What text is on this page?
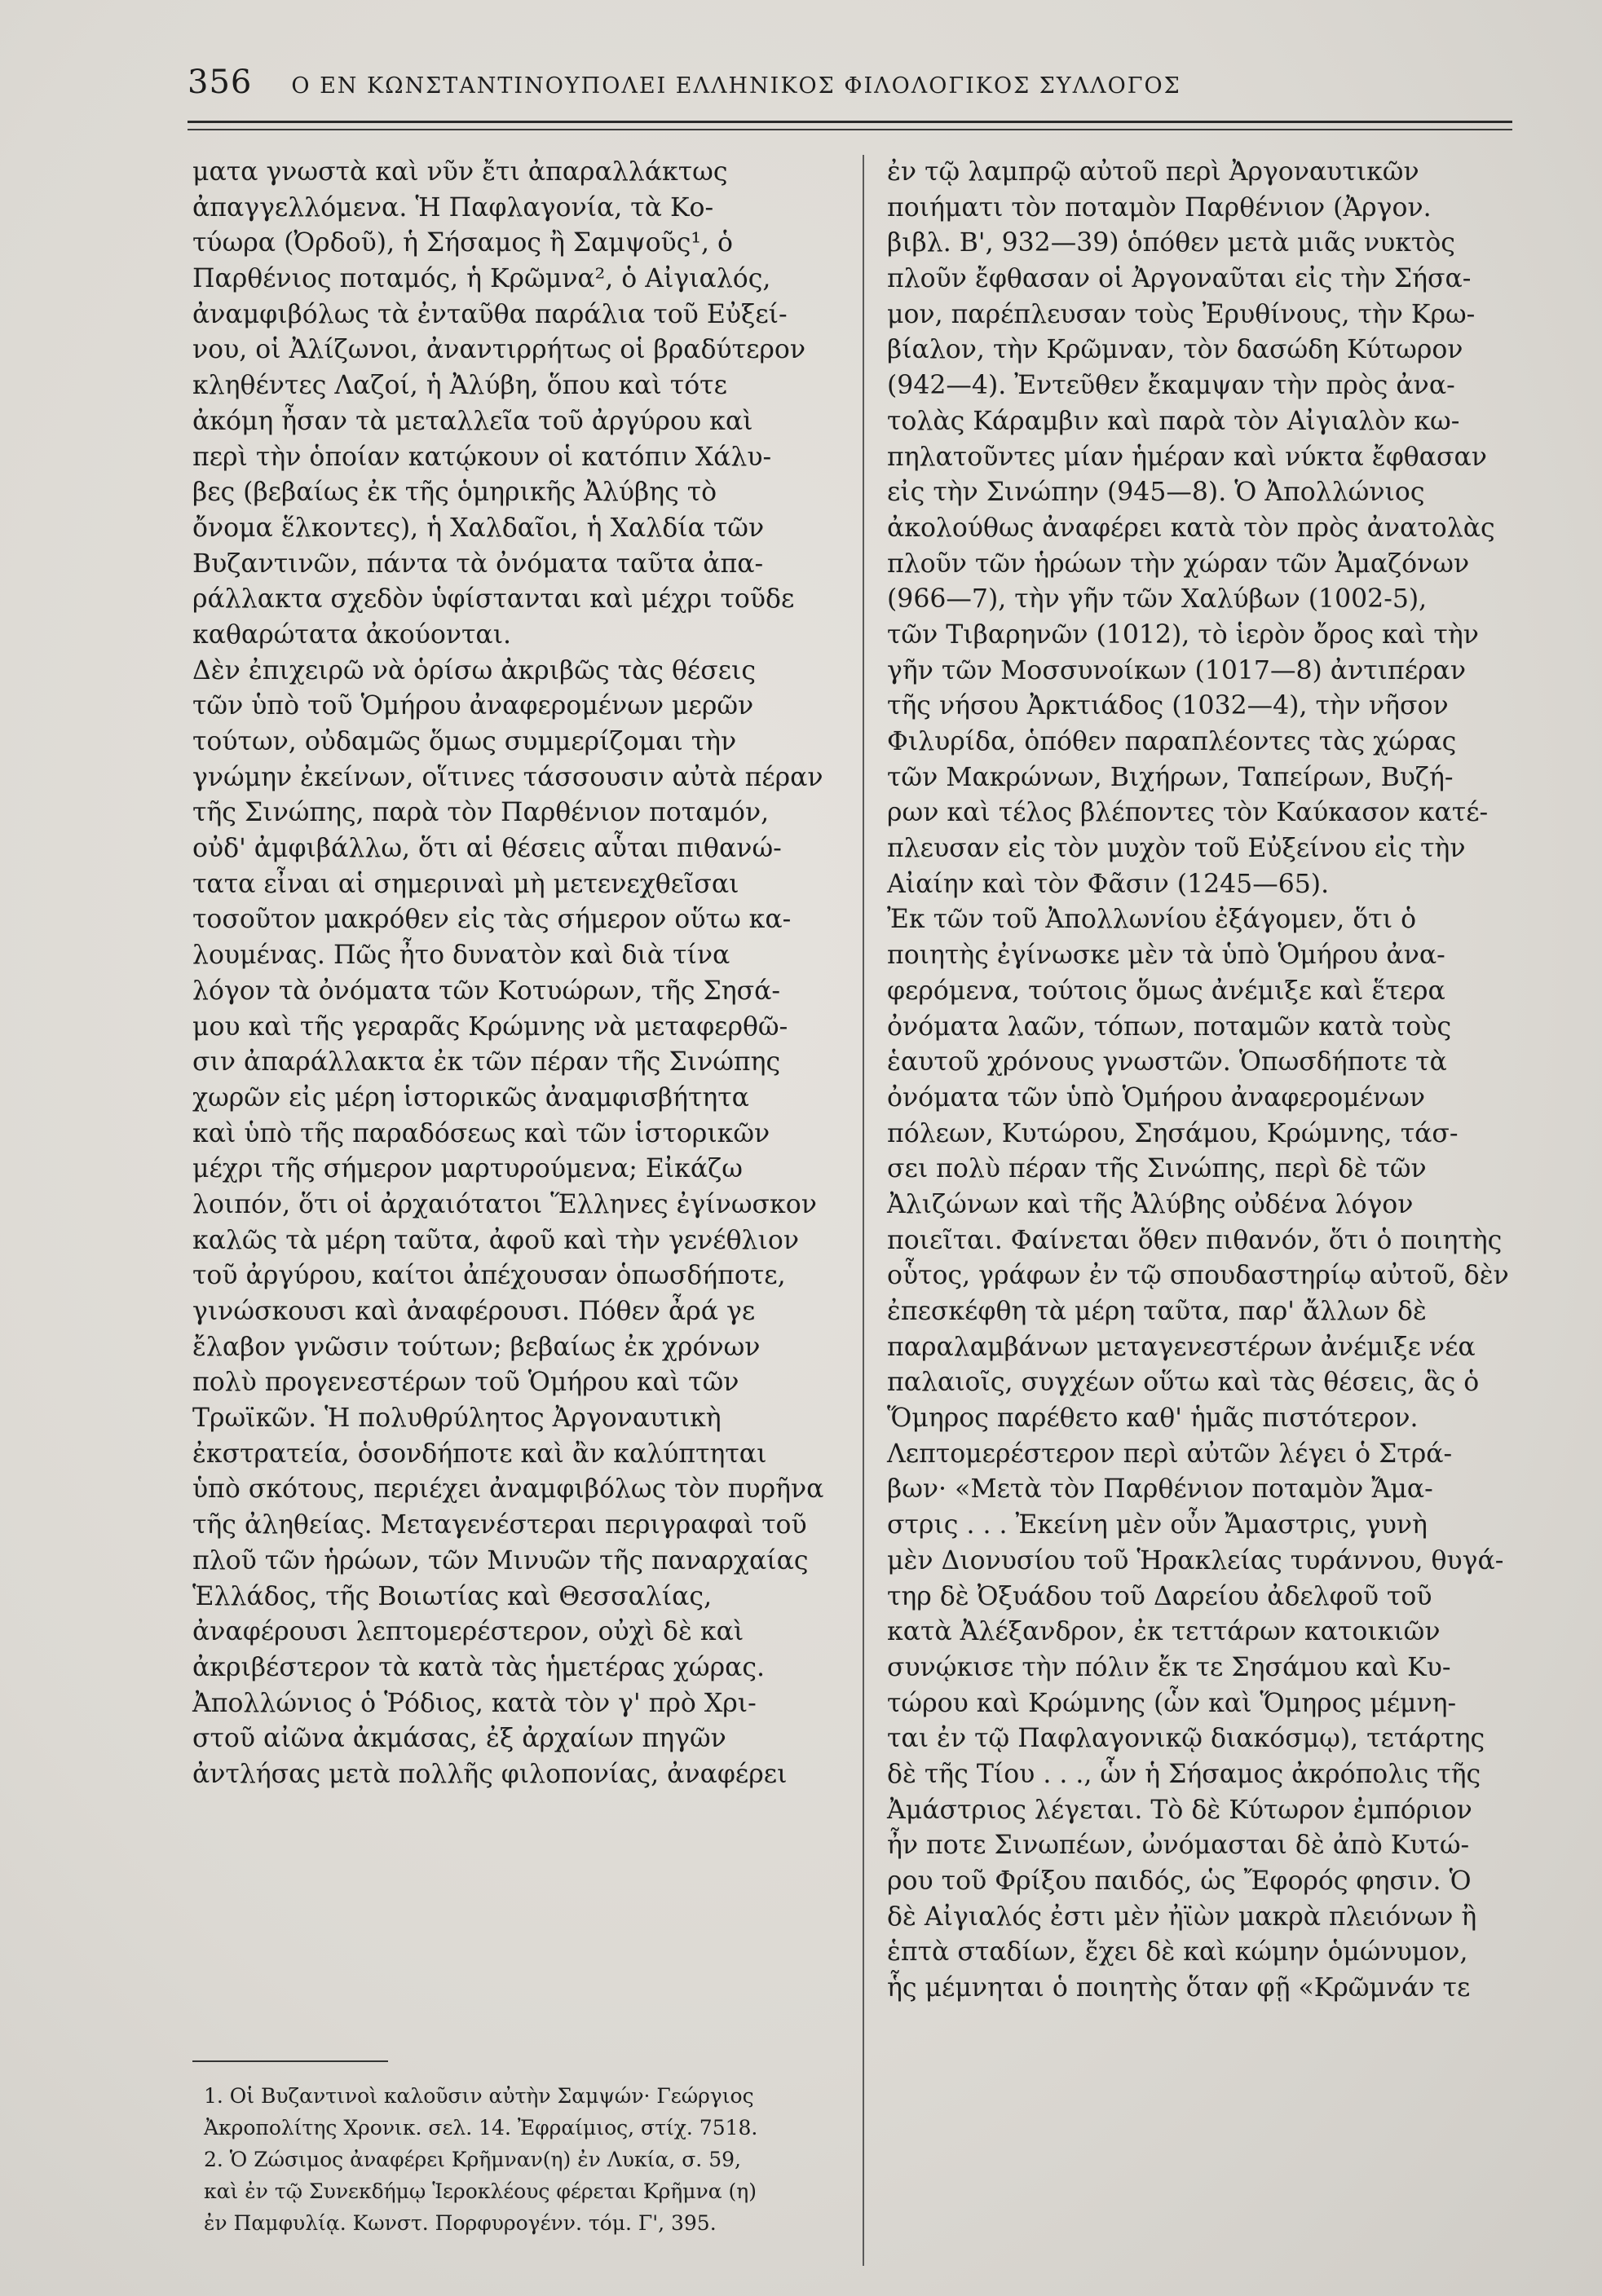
356 Ο ΕΝ ΚΩΝΣΤΑΝΤΙΝΟΥΠΟΛΕΙ ΕΛΛΗΝΙΚΟΣ ΦΙΛΟΛΟΓΙΚΟΣ ΣΥΛΛΟΓΟΣ
ματα γνωστὰ καὶ νῦν ἔτι ἀπαραλλάκτως
ἀπαγγελλόμενα. Ἡ Παφλαγονία, τὰ Κο-
τύωρα (Ὀρδοῦ), ἡ Σήσαμος ἢ Σαμψοῦς¹, ὁ
Παρθένιος ποταμός, ἡ Κρῶμνα², ὁ Αἰγιαλός,
ἀναμφιβόλως τὰ ἐνταῦθα παράλια τοῦ Εὐξεί-
νου, οἱ Ἀλίζωνοι, ἀναντιρρήτως οἱ βραδύτερον
κληθέντες Λαζοί, ἡ Ἀλύβη, ὅπου καὶ τότε
ἀκόμη ἦσαν τὰ μεταλλεῖα τοῦ ἀργύρου καὶ
περὶ τὴν ὁποίαν κατῴκουν οἱ κατόπιν Χάλυ-
βες (βεβαίως ἐκ τῆς ὁμηρικῆς Ἀλύβης τὸ
ὄνομα ἕλκοντες), ἡ Χαλδαῖοι, ἡ Χαλδία τῶν
Βυζαντινῶν, πάντα τὰ ὀνόματα ταῦτα ἀπα-
ράλλακτα σχεδὸν ὑφίστανται καὶ μέχρι τοῦδε
καθαρώτατα ἀκούονται.
Δὲν ἐπιχειρῶ νὰ ὁρίσω ἀκριβῶς τὰς θέσεις
τῶν ὑπὸ τοῦ Ὁμήρου ἀναφερομένων μερῶν
τούτων, οὐδαμῶς ὅμως συμμερίζομαι τὴν
γνώμην ἐκείνων, οἵτινες τάσσουσιν αὐτὰ πέραν
τῆς Σινώπης, παρὰ τὸν Παρθένιον ποταμόν,
οὐδ' ἀμφιβάλλω, ὅτι αἱ θέσεις αὗται πιθανώ-
τατα εἶναι αἱ σημεριναὶ μὴ μετενεχθεῖσαι
τοσοῦτον μακρόθεν εἰς τὰς σήμερον οὕτω κα-
λουμένας. Πῶς ἦτο δυνατὸν καὶ διὰ τίνα
λόγον τὰ ὀνόματα τῶν Κοτυώρων, τῆς Σησά-
μου καὶ τῆς γεραρᾶς Κρώμνης νὰ μεταφερθῶ-
σιν ἀπαράλλακτα ἐκ τῶν πέραν τῆς Σινώπης
χωρῶν εἰς μέρη ἱστορικῶς ἀναμφισβήτητα
καὶ ὑπὸ τῆς παραδόσεως καὶ τῶν ἱστορικῶν
μέχρι τῆς σήμερον μαρτυρούμενα; Εἰκάζω
λοιπόν, ὅτι οἱ ἀρχαιότατοι Ἕλληνες ἐγίνωσκον
καλῶς τὰ μέρη ταῦτα, ἀφοῦ καὶ τὴν γενέθλιον
τοῦ ἀργύρου, καίτοι ἀπέχουσαν ὁπωσδήποτε,
γινώσκουσι καὶ ἀναφέρουσι. Πόθεν ἆρά γε
ἔλαβον γνῶσιν τούτων; βεβαίως ἐκ χρόνων
πολὺ προγενεστέρων τοῦ Ὁμήρου καὶ τῶν
Τρωϊκῶν. Ἡ πολυθρύλητος Ἀργοναυτικὴ
ἐκστρατεία, ὁσονδήποτε καὶ ἂν καλύπτηται
ὑπὸ σκότους, περιέχει ἀναμφιβόλως τὸν πυρῆνα
τῆς ἀληθείας. Μεταγενέστεραι περιγραφαὶ τοῦ
πλοῦ τῶν ἡρώων, τῶν Μινυῶν τῆς παναρχαίας
Ἑλλάδος, τῆς Βοιωτίας καὶ Θεσσαλίας,
ἀναφέρουσι λεπτομερέστερον, οὐχὶ δὲ καὶ
ἀκριβέστερον τὰ κατὰ τὰς ἡμετέρας χώρας.
Ἀπολλώνιος ὁ Ῥόδιος, κατὰ τὸν γ' πρὸ Χρι-
στοῦ αἰῶνα ἀκμάσας, ἐξ ἀρχαίων πηγῶν
ἀντλήσας μετὰ πολλῆς φιλοπονίας, ἀναφέρει
ἐν τῷ λαμπρῷ αὐτοῦ περὶ Ἀργοναυτικῶν
ποιήματι τὸν ποταμὸν Παρθένιον (Ἀργον.
βιβλ. Β', 932—39) ὁπόθεν μετὰ μιᾶς νυκτὸς
πλοῦν ἔφθασαν οἱ Ἀργοναῦται εἰς τὴν Σήσα-
μον, παρέπλευσαν τοὺς Ἐρυθίνους, τὴν Κρω-
βίαλον, τὴν Κρῶμναν, τὸν δασώδη Κύτωρον
(942—4). Ἐντεῦθεν ἔκαμψαν τὴν πρὸς ἀνα-
τολὰς Κάραμβιν καὶ παρὰ τὸν Αἰγιαλὸν κω-
πηλατοῦντες μίαν ἡμέραν καὶ νύκτα ἔφθασαν
εἰς τὴν Σινώπην (945—8). Ὁ Ἀπολλώνιος
ἀκολούθως ἀναφέρει κατὰ τὸν πρὸς ἀνατολὰς
πλοῦν τῶν ἡρώων τὴν χώραν τῶν Ἀμαζόνων
(966—7), τὴν γῆν τῶν Χαλύβων (1002-5),
τῶν Τιβαρηνῶν (1012), τὸ ἱερὸν ὄρος καὶ τὴν
γῆν τῶν Μοσσυνοίκων (1017—8) ἀντιπέραν
τῆς νήσου Ἀρκτιάδος (1032—4), τὴν νῆσον
Φιλυρίδα, ὁπόθεν παραπλέοντες τὰς χώρας
τῶν Μακρώνων, Βιχήρων, Ταπείρων, Βυζή-
ρων καὶ τέλος βλέποντες τὸν Καύκασον κατέ-
πλευσαν εἰς τὸν μυχὸν τοῦ Εὐξείνου εἰς τὴν
Αἰαίην καὶ τὸν Φᾶσιν (1245—65).
Ἐκ τῶν τοῦ Ἀπολλωνίου ἐξάγομεν, ὅτι ὁ
ποιητὴς ἐγίνωσκε μὲν τὰ ὑπὸ Ὁμήρου ἀνα-
φερόμενα, τούτοις ὅμως ἀνέμιξε καὶ ἕτερα
ὀνόματα λαῶν, τόπων, ποταμῶν κατὰ τοὺς
ἑαυτοῦ χρόνους γνωστῶν. Ὁπωσδήποτε τὰ
ὀνόματα τῶν ὑπὸ Ὁμήρου ἀναφερομένων
πόλεων, Κυτώρου, Σησάμου, Κρώμνης, τάσ-
σει πολὺ πέραν τῆς Σινώπης, περὶ δὲ τῶν
Ἀλιζώνων καὶ τῆς Ἀλύβης οὐδένα λόγον
ποιεῖται. Φαίνεται ὅθεν πιθανόν, ὅτι ὁ ποιητὴς
οὗτος, γράφων ἐν τῷ σπουδαστηρίῳ αὐτοῦ, δὲν
ἐπεσκέφθη τὰ μέρη ταῦτα, παρ' ἄλλων δὲ
παραλαμβάνων μεταγενεστέρων ἀνέμιξε νέα
παλαιοῖς, συγχέων οὕτω καὶ τὰς θέσεις, ἃς ὁ
Ὅμηρος παρέθετο καθ' ἡμᾶς πιστότερον.
Λεπτομερέστερον περὶ αὐτῶν λέγει ὁ Στρά-
βων· «Μετὰ τὸν Παρθένιον ποταμὸν Ἄμα-
στρις . . . Ἐκείνη μὲν οὖν Ἄμαστρις, γυνὴ
μὲν Διονυσίου τοῦ Ἡρακλείας τυράννου, θυγά-
τηρ δὲ Ὀξυάδου τοῦ Δαρείου ἀδελφοῦ τοῦ
κατὰ Ἀλέξανδρον, ἐκ τεττάρων κατοικιῶν
συνῴκισε τὴν πόλιν ἔκ τε Σησάμου καὶ Κυ-
τώρου καὶ Κρώμνης (ὧν καὶ Ὅμηρος μέμνη-
ται ἐν τῷ Παφλαγονικῷ διακόσμῳ), τετάρτης
δὲ τῆς Τίου . . ., ὧν ἡ Σήσαμος ἀκρόπολις τῆς
Ἀμάστριος λέγεται. Τὸ δὲ Κύτωρον ἐμπόριον
ἦν ποτε Σινωπέων, ὠνόμασται δὲ ἀπὸ Κυτώ-
ρου τοῦ Φρίξου παιδός, ὡς Ἔφορός φησιν. Ὁ
δὲ Αἰγιαλός ἐστι μὲν ἠϊὼν μακρὰ πλειόνων ἢ
ἑπτὰ σταδίων, ἔχει δὲ καὶ κώμην ὁμώνυμον,
ἧς μέμνηται ὁ ποιητὴς ὅταν φῇ «Κρῶμνάν τε
1. Οἱ Βυζαντινοὶ καλοῦσιν αὐτὴν Σαμψών· Γεώργιος
Ἀκροπολίτης Χρονικ. σελ. 14. Ἐφραίμιος, στίχ. 7518.
2. Ὁ Ζώσιμος ἀναφέρει Κρῆμναν(η) ἐν Λυκία, σ. 59,
καὶ ἐν τῷ Συνεκδήμῳ Ἱεροκλέους φέρεται Κρῆμνα (η)
ἐν Παμφυλίᾳ. Κωνστ. Πορφυρογένν. τόμ. Γ', 395.
